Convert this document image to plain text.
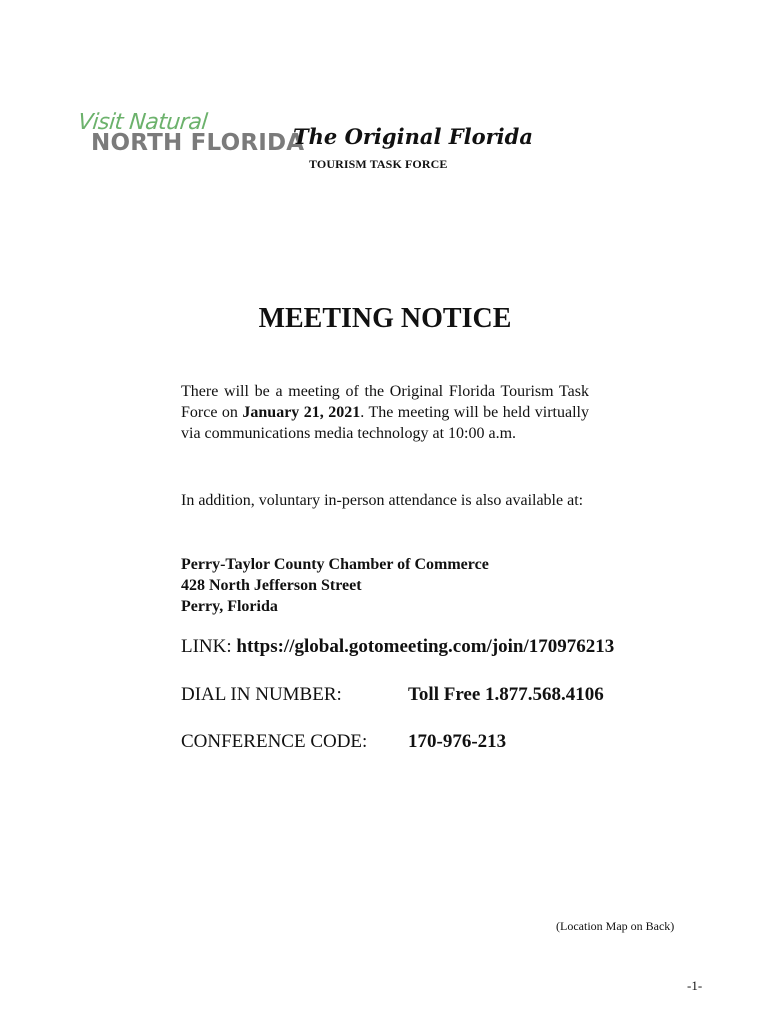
Visit Natural
NORTH FLORIDA
The Original Florida
TOURISM TASK FORCE
MEETING NOTICE

There will be a meeting of the Original Florida Tourism Task Force on January 21, 2021. The meeting will be held virtually via communications media technology at 10:00 a.m.

In addition, voluntary in-person attendance is also available at:

Perry-Taylor County Chamber of Commerce
428 North Jefferson Street
Perry, Florida
LINK: https://global.gotomeeting.com/join/170976213
DIAL IN NUMBER:	Toll Free 1.877.568.4106
CONFERENCE CODE: 170-976-213
(Location Map on Back)
-1-
